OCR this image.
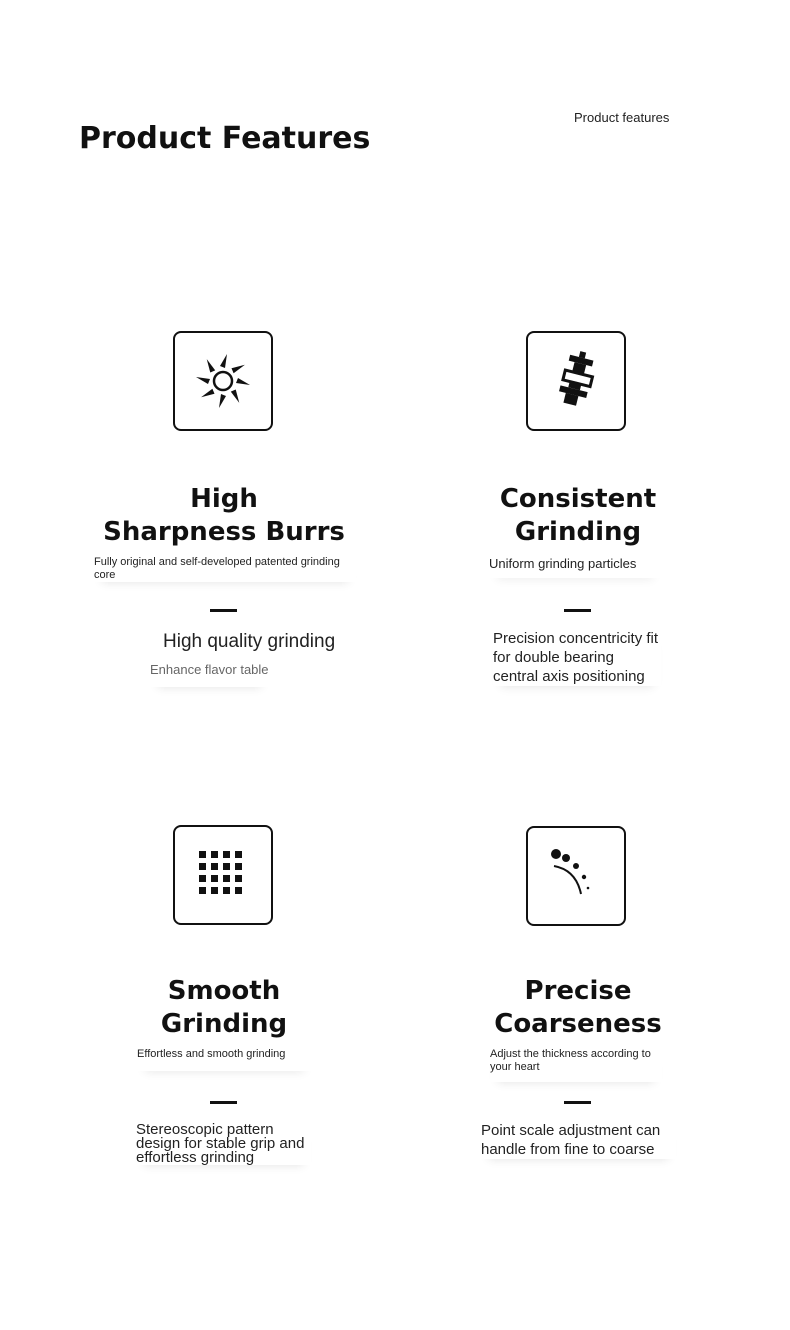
Product Features
Product features
High
Sharpness Burrs
Fully original and self-developed patented grinding core
High quality grinding
Enhance flavor table
Consistent
Grinding
Uniform grinding particles
Precision concentricity fit for double bearing central axis positioning
Smooth
Grinding
Effortless and smooth grinding
Stereoscopic pattern design for stable grip and effortless grinding
Precise
Coarseness
Adjust the thickness according to your heart
Point scale adjustment can handle from fine to coarse
